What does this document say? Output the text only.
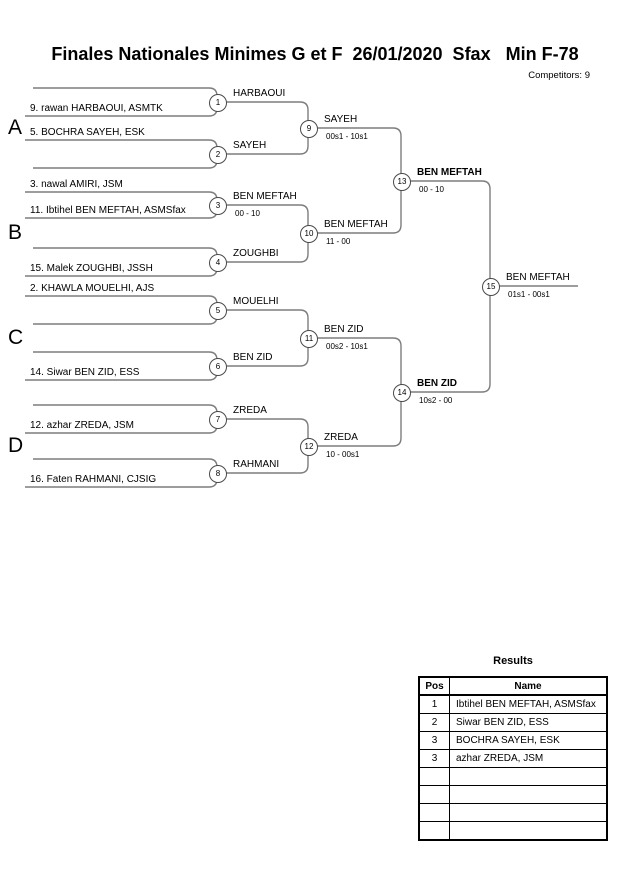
Finales Nationales Minimes G et F  26/01/2020  Sfax   Min F-78
Competitors: 9
A
B
C
D
9. rawan HARBAOUI, ASMTK
5. BOCHRA SAYEH, ESK
3. nawal AMIRI, JSM
11. Ibtihel BEN MEFTAH, ASMSfax
15. Malek ZOUGHBI, JSSH
2. KHAWLA MOUELHI, AJS
14. Siwar BEN ZID, ESS
12. azhar ZREDA, JSM
16. Faten RAHMANI, CJSIG
1
HARBAOUI
2
SAYEH
3
BEN MEFTAH
00 - 10
4
ZOUGHBI
5
MOUELHI
6
BEN ZID
7
ZREDA
8
RAHMANI
9
SAYEH
00s1 - 10s1
10
BEN MEFTAH
11 - 00
11
BEN ZID
00s2 - 10s1
12
ZREDA
10 - 00s1
13
BEN MEFTAH
00 - 10
14
BEN ZID
10s2 - 00
15
BEN MEFTAH
01s1 - 00s1
Results
Pos	Name
1	Ibtihel BEN MEFTAH, ASMSfax
2	Siwar BEN ZID, ESS
3	BOCHRA SAYEH, ESK
3	azhar ZREDA, JSM
